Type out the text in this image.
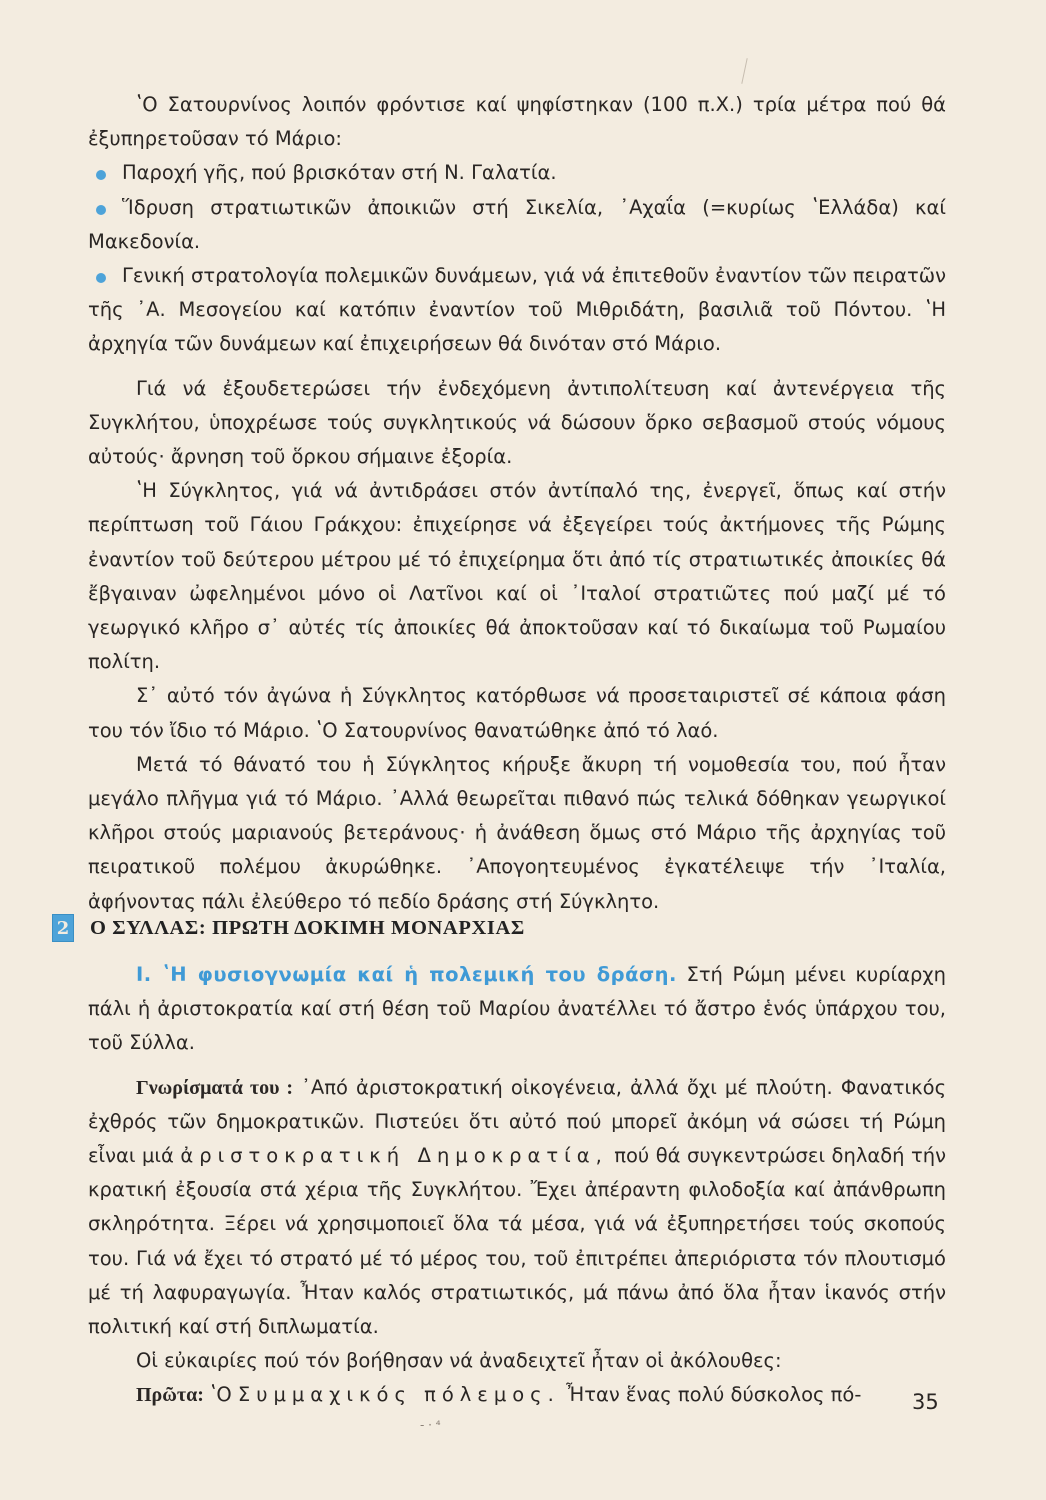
ʽΟ Σατουρνίνος λοιπόν φρόντισε καί ψηφίστηκαν (100 π.Χ.) τρία μέτρα πού θά ἐξυπηρετοῦσαν τό Μάριο:

Παροχή γῆς, πού βρισκόταν στή Ν. Γαλατία.

Ἵδρυση στρατιωτικῶν ἀποικιῶν στή Σικελία, ᾿Αχαΐα (=κυρίως ʽΕλλάδα) καί Μακεδονία.

Γενική στρατολογία πολεμικῶν δυνάμεων, γιά νά ἐπιτεθοῦν ἐναντίον τῶν πειρατῶν τῆς ᾿Α. Μεσογείου καί κατόπιν ἐναντίον τοῦ Μιθριδάτη, βασιλιᾶ τοῦ Πόντου. ʽΗ ἀρχηγία τῶν δυνάμεων καί ἐπιχειρήσεων θά δινόταν στό Μάριο.

Γιά νά ἐξουδετερώσει τήν ἐνδεχόμενη ἀντιπολίτευση καί ἀντενέργεια τῆς Συγκλήτου, ὑποχρέωσε τούς συγκλητικούς νά δώσουν ὅρκο σεβασμοῦ στούς νόμους αὐτούς· ἄρνηση τοῦ ὅρκου σήμαινε ἐξορία.

ʽΗ Σύγκλητος, γιά νά ἀντιδράσει στόν ἀντίπαλό της, ἐνεργεῖ, ὅπως καί στήν περίπτωση τοῦ Γάιου Γράκχου: ἐπιχείρησε νά ἐξεγείρει τούς ἀκτήμονες τῆς Ρώμης ἐναντίον τοῦ δεύτερου μέτρου μέ τό ἐπιχείρημα ὅτι ἀπό τίς στρατιωτικές ἀποικίες θά ἔβγαιναν ὠφελημένοι μόνο οἱ Λατῖνοι καί οἱ ᾿Ιταλοί στρατιῶτες πού μαζί μέ τό γεωργικό κλῆρο σ᾿ αὐτές τίς ἀποικίες θά ἀποκτοῦσαν καί τό δικαίωμα τοῦ Ρωμαίου πολίτη.

Σ᾿ αὐτό τόν ἀγώνα ἡ Σύγκλητος κατόρθωσε νά προσεταιριστεῖ σέ κάποια φάση του τόν ἴδιο τό Μάριο. ʽΟ Σατουρνίνος θανατώθηκε ἀπό τό λαό.

Μετά τό θάνατό του ἡ Σύγκλητος κήρυξε ἄκυρη τή νομοθεσία του, πού ἦταν μεγάλο πλῆγμα γιά τό Μάριο. ᾿Αλλά θεωρεῖται πιθανό πώς τελικά δόθηκαν γεωργικοί κλῆροι στούς μαριανούς βετεράνους· ἡ ἀνάθεση ὅμως στό Μάριο τῆς ἀρχηγίας τοῦ πειρατικοῦ πολέμου ἀκυρώθηκε. ᾿Απογοητευμένος ἐγκατέλειψε τήν ᾿Ιταλία, ἀφήνοντας πάλι ἐλεύθερο τό πεδίο δράσης στή Σύγκλητο.

2 Ο ΣΥΛΛΑΣ: ΠΡΩΤΗ ΔΟΚΙΜΗ ΜΟΝΑΡΧΙΑΣ

Ι. ʽΗ φυσιογνωμία καί ἡ πολεμική του δράση. Στή Ρώμη μένει κυρίαρχη πάλι ἡ ἀριστοκρατία καί στή θέση τοῦ Μαρίου ἀνατέλλει τό ἄστρο ἑνός ὑπάρχου του, τοῦ Σύλλα.

Γνωρίσματά του : ᾿Από ἀριστοκρατική οἰκογένεια, ἀλλά ὄχι μέ πλούτη. Φανατικός ἐχθρός τῶν δημοκρατικῶν. Πιστεύει ὅτι αὐτό πού μπορεῖ ἀκόμη νά σώσει τή Ρώμη εἶναι μιά ἀριστοκρατική Δημοκρατία, πού θά συγκεντρώσει δηλαδή τήν κρατική ἐξουσία στά χέρια τῆς Συγκλήτου. Ἔχει ἀπέραντη φιλοδοξία καί ἀπάνθρωπη σκληρότητα. Ξέρει νά χρησιμοποιεῖ ὅλα τά μέσα, γιά νά ἐξυπηρετήσει τούς σκοπούς του. Γιά νά ἔχει τό στρατό μέ τό μέρος του, τοῦ ἐπιτρέπει ἀπεριόριστα τόν πλουτισμό μέ τή λαφυραγωγία. Ἦταν καλός στρατιωτικός, μά πάνω ἀπό ὅλα ἦταν ἱκανός στήν πολιτική καί στή διπλωματία.

Οἱ εὐκαιρίες πού τόν βοήθησαν νά ἀναδειχτεῖ ἦταν οἱ ἀκόλουθες:

Πρῶτα: ʽΟ Συμμαχικός πόλεμος. Ἦταν ἕνας πολύ δύσκολος πό-	35
- · ⁴
